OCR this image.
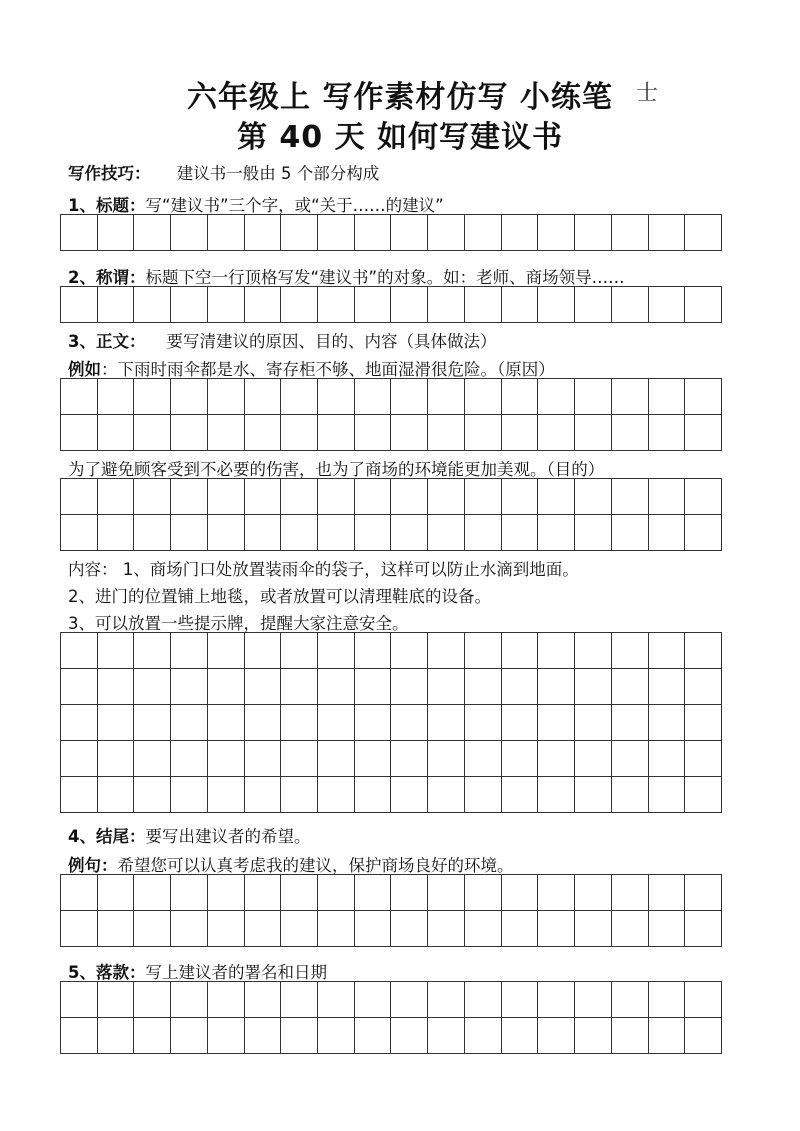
六年级上 写作素材仿写 小练笔	士
第 40 天 如何写建议书
写作技巧： 建议书一般由 5 个部分构成
1、标题：写“建议书”三个字，或“关于……的建议”
2、称谓：标题下空一行顶格写发“建议书”的对象。如：老师、商场领导……
3、正文： 要写清建议的原因、目的、内容（具体做法）
例如：下雨时雨伞都是水、寄存柜不够、地面湿滑很危险。（原因）
为了避免顾客受到不必要的伤害，也为了商场的环境能更加美观。（目的）
内容： 1、商场门口处放置装雨伞的袋子，这样可以防止水滴到地面。
2、进门的位置铺上地毯，或者放置可以清理鞋底的设备。
3、可以放置一些提示牌，提醒大家注意安全。
4、结尾：要写出建议者的希望。
例句：希望您可以认真考虑我的建议，保护商场良好的环境。
5、落款：写上建议者的署名和日期
